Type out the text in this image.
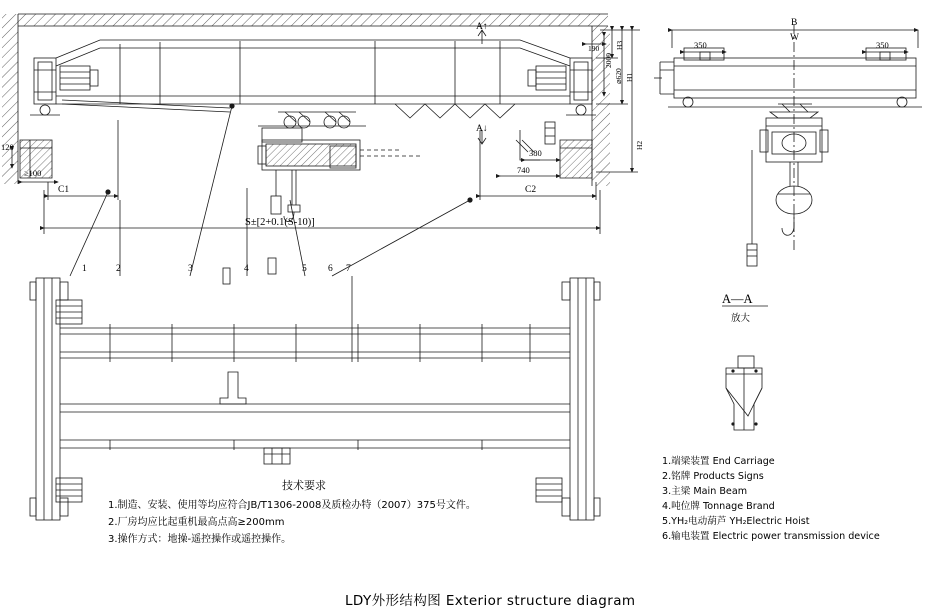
A↑
A↓
S±[2+0.1(S-10)]
C1	C2
740
380
≥100
120
190
2000
⌀620
H3
H1
H2
B
W
350	350
A—A
放大
1	2	3	4	5 6 7
技术要求
1.制造、安装、使用等均应符合JB/T1306-2008及质检办特（2007）375号文件。
2.厂房均应比起重机最高点高≥200mm
3.操作方式：地操-遥控操作或遥控操作。
1.端梁装置 End Carriage
2.铭牌 Products Signs
3.主梁 Main Beam
4.吨位牌 Tonnage Brand
5.YH₂电动葫芦 YH₂Electric Hoist
6.输电装置 Electric power transmission device
LDY外形结构图 Exterior structure diagram
